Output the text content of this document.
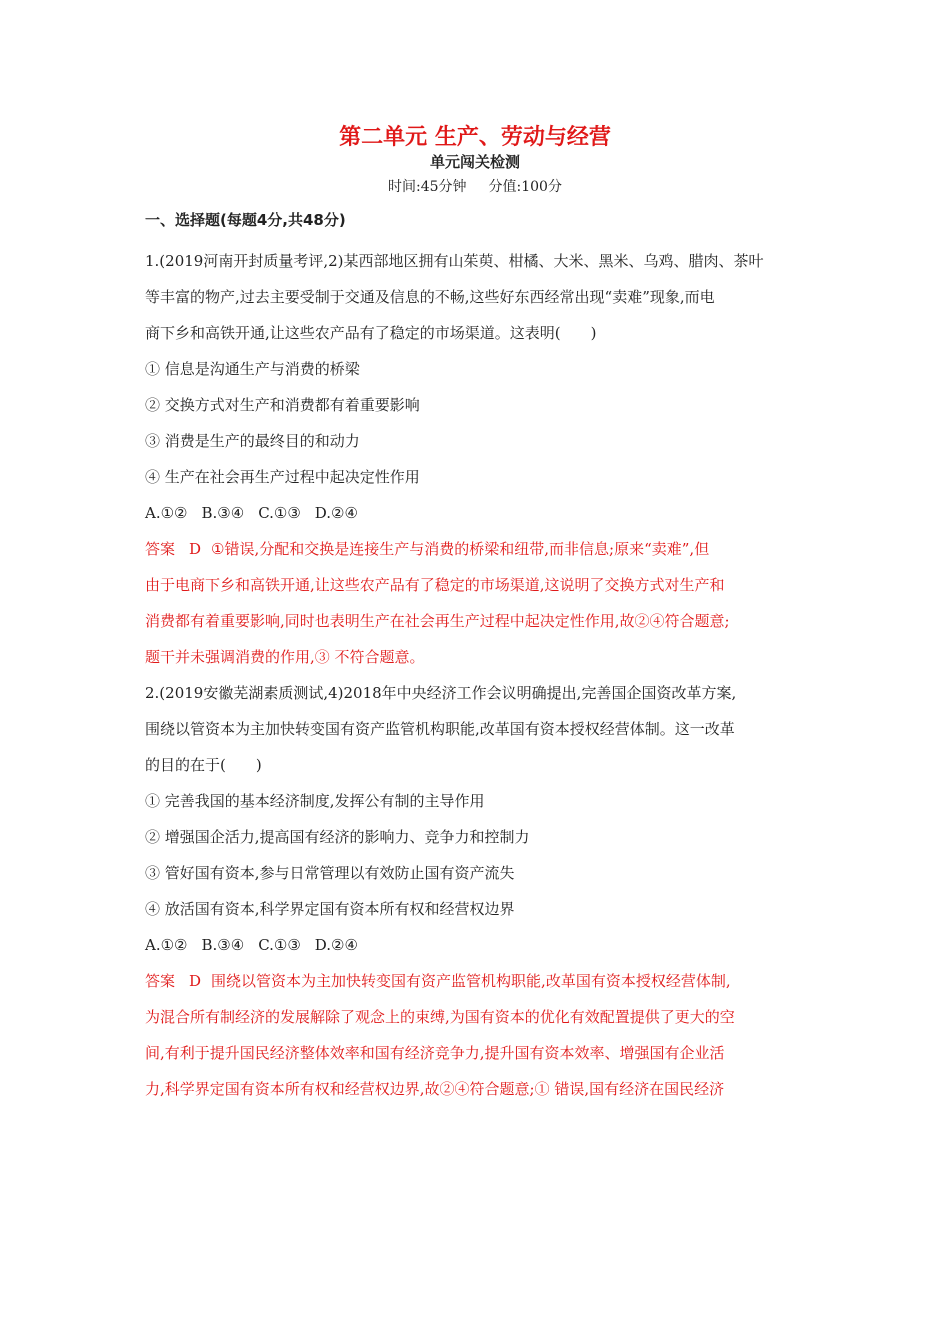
第二单元 生产、劳动与经营
单元闯关检测
时间:45分钟 分值:100分
一、选择题(每题4分,共48分)
1.(2019河南开封质量考评,2)某西部地区拥有山茱萸、柑橘、大米、黑米、乌鸡、腊肉、茶叶
等丰富的物产,过去主要受制于交通及信息的不畅,这些好东西经常出现“卖难”现象,而电
商下乡和高铁开通,让这些农产品有了稳定的市场渠道。这表明(　　)
① 信息是沟通生产与消费的桥梁
② 交换方式对生产和消费都有着重要影响
③ 消费是生产的最终目的和动力
④ 生产在社会再生产过程中起决定性作用
A.①② B.③④ C.①③ D.②④
答案 D ①错误,分配和交换是连接生产与消费的桥梁和纽带,而非信息;原来“卖难”,但
由于电商下乡和高铁开通,让这些农产品有了稳定的市场渠道,这说明了交换方式对生产和
消费都有着重要影响,同时也表明生产在社会再生产过程中起决定性作用,故②④符合题意;
题干并未强调消费的作用,③ 不符合题意。
2.(2019安徽芜湖素质测试,4)2018年中央经济工作会议明确提出,完善国企国资改革方案,
围绕以管资本为主加快转变国有资产监管机构职能,改革国有资本授权经营体制。这一改革
的目的在于(　　)
① 完善我国的基本经济制度,发挥公有制的主导作用
② 增强国企活力,提高国有经济的影响力、竞争力和控制力
③ 管好国有资本,参与日常管理以有效防止国有资产流失
④ 放活国有资本,科学界定国有资本所有权和经营权边界
A.①② B.③④ C.①③ D.②④
答案 D 围绕以管资本为主加快转变国有资产监管机构职能,改革国有资本授权经营体制,
为混合所有制经济的发展解除了观念上的束缚,为国有资本的优化有效配置提供了更大的空
间,有利于提升国民经济整体效率和国有经济竞争力,提升国有资本效率、增强国有企业活
力,科学界定国有资本所有权和经营权边界,故②④符合题意;① 错误,国有经济在国民经济
